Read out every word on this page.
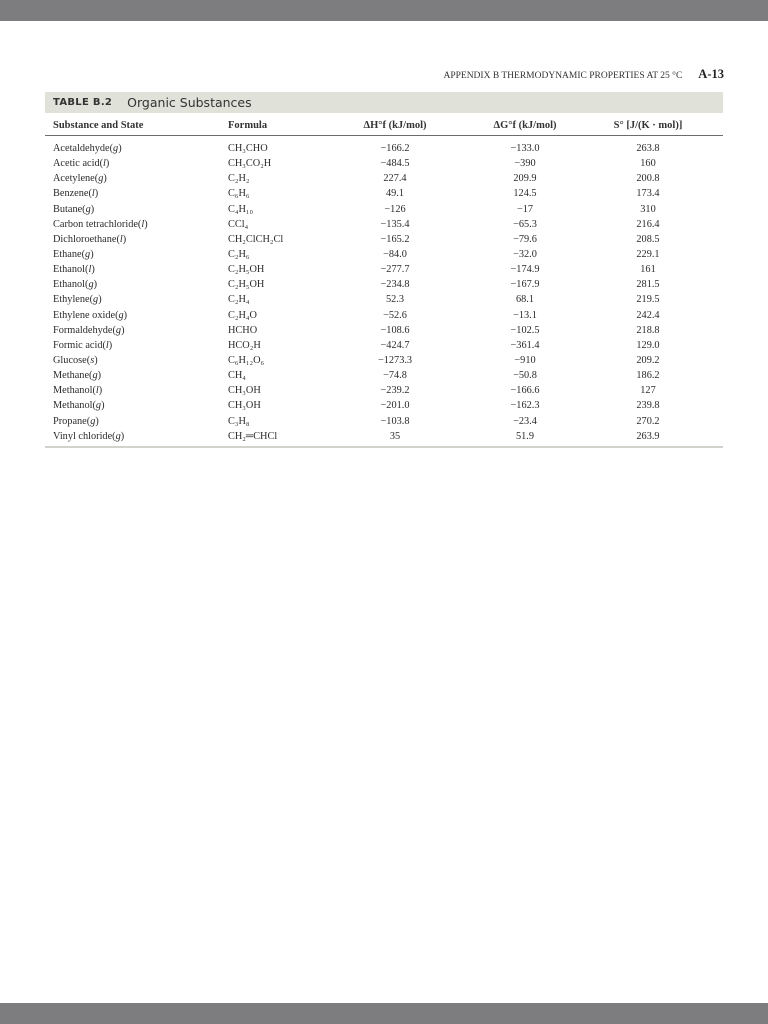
APPENDIX B THERMODYNAMIC PROPERTIES AT 25 °C A-13
TABLE B.2 Organic Substances
Substance and State	Formula	ΔH°f (kJ/mol)	ΔG°f (kJ/mol)	S° [J/(K · mol)]
Acetaldehyde(g)	CH₃CHO	−166.2	−133.0	263.8
Acetic acid(l)	CH₃CO₂H	−484.5	−390	160
Acetylene(g)	C₂H₂	227.4	209.9	200.8
Benzene(l)	C₆H₆	49.1	124.5	173.4
Butane(g)	C₄H₁₀	−126	−17	310
Carbon tetrachloride(l)	CCl₄	−135.4	−65.3	216.4
Dichloroethane(l)	CH₂ClCH₂Cl	−165.2	−79.6	208.5
Ethane(g)	C₂H₆	−84.0	−32.0	229.1
Ethanol(l)	C₂H₅OH	−277.7	−174.9	161
Ethanol(g)	C₂H₅OH	−234.8	−167.9	281.5
Ethylene(g)	C₂H₄	52.3	68.1	219.5
Ethylene oxide(g)	C₂H₄O	−52.6	−13.1	242.4
Formaldehyde(g)	HCHO	−108.6	−102.5	218.8
Formic acid(l)	HCO₂H	−424.7	−361.4	129.0
Glucose(s)	C₆H₁₂O₆	−1273.3	−910	209.2
Methane(g)	CH₄	−74.8	−50.8	186.2
Methanol(l)	CH₃OH	−239.2	−166.6	127
Methanol(g)	CH₃OH	−201.0	−162.3	239.8
Propane(g)	C₃H₈	−103.8	−23.4	270.2
Vinyl chloride(g)	CH₂═CHCl	35	51.9	263.9
